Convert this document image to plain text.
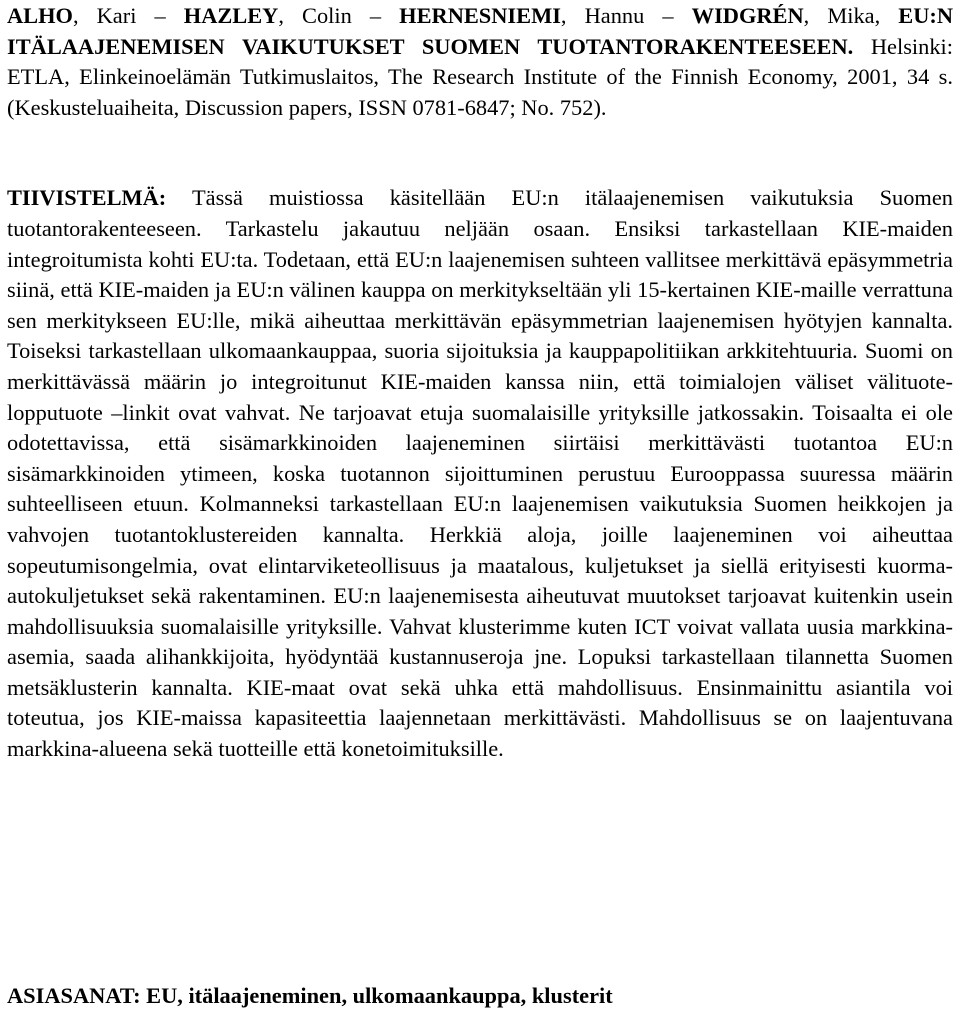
ALHO, Kari – HAZLEY, Colin – HERNESNIEMI, Hannu – WIDGRÉN, Mika, EU:N ITÄLAAJENEMISEN VAIKUTUKSET SUOMEN TUOTANTORAKENTEESEEN. Helsinki: ETLA, Elinkeinoelämän Tutkimuslaitos, The Research Institute of the Finnish Economy, 2001, 34 s. (Keskusteluaiheita, Discussion papers, ISSN 0781-6847; No. 752).

TIIVISTELMÄ: Tässä muistiossa käsitellään EU:n itälaajenemisen vaikutuksia Suomen tuotantorakenteeseen. Tarkastelu jakautuu neljään osaan. Ensiksi tarkastellaan KIE-maiden integroitumista kohti EU:ta. Todetaan, että EU:n laajenemisen suhteen vallitsee merkittävä epäsymmetria siinä, että KIE-maiden ja EU:n välinen kauppa on merkitykseltään yli 15-kertainen KIE-maille verrattuna sen merkitykseen EU:lle, mikä aiheuttaa merkittävän epäsymmetrian laajenemisen hyötyjen kannalta. Toiseksi tarkastellaan ulkomaankauppaa, suoria sijoituksia ja kauppapolitiikan arkkitehtuuria. Suomi on merkittävässä määrin jo integroitunut KIE-maiden kanssa niin, että toimialojen väliset välituote-lopputuote –linkit ovat vahvat. Ne tarjoavat etuja suomalaisille yrityksille jatkossakin. Toisaalta ei ole odotettavissa, että sisämarkkinoiden laajeneminen siirtäisi merkittävästi tuotantoa EU:n sisämarkkinoiden ytimeen, koska tuotannon sijoittuminen perustuu Eurooppassa suuressa määrin suhteelliseen etuun. Kolmanneksi tarkastellaan EU:n laajenemisen vaikutuksia Suomen heikkojen ja vahvojen tuotantoklustereiden kannalta. Herkkiä aloja, joille laajeneminen voi aiheuttaa sopeutumisongelmia, ovat elintarviketeollisuus ja maatalous, kuljetukset ja siellä erityisesti kuorma-autokuljetukset sekä rakentaminen. EU:n laajenemisesta aiheutuvat muutokset tarjoavat kuitenkin usein mahdollisuuksia suomalaisille yrityksille. Vahvat klusterimme kuten ICT voivat vallata uusia markkina-asemia, saada alihankkijoita, hyödyntää kustannuseroja jne. Lopuksi tarkastellaan tilannetta Suomen metsäklusterin kannalta. KIE-maat ovat sekä uhka että mahdollisuus. Ensinmainittu asiantila voi toteutua, jos KIE-maissa kapasiteettia laajennetaan merkittävästi. Mahdollisuus se on laajentuvana markkina-alueena sekä tuotteille että konetoimituksille.

ASIASANAT: EU, itälaajeneminen, ulkomaankauppa, klusterit
